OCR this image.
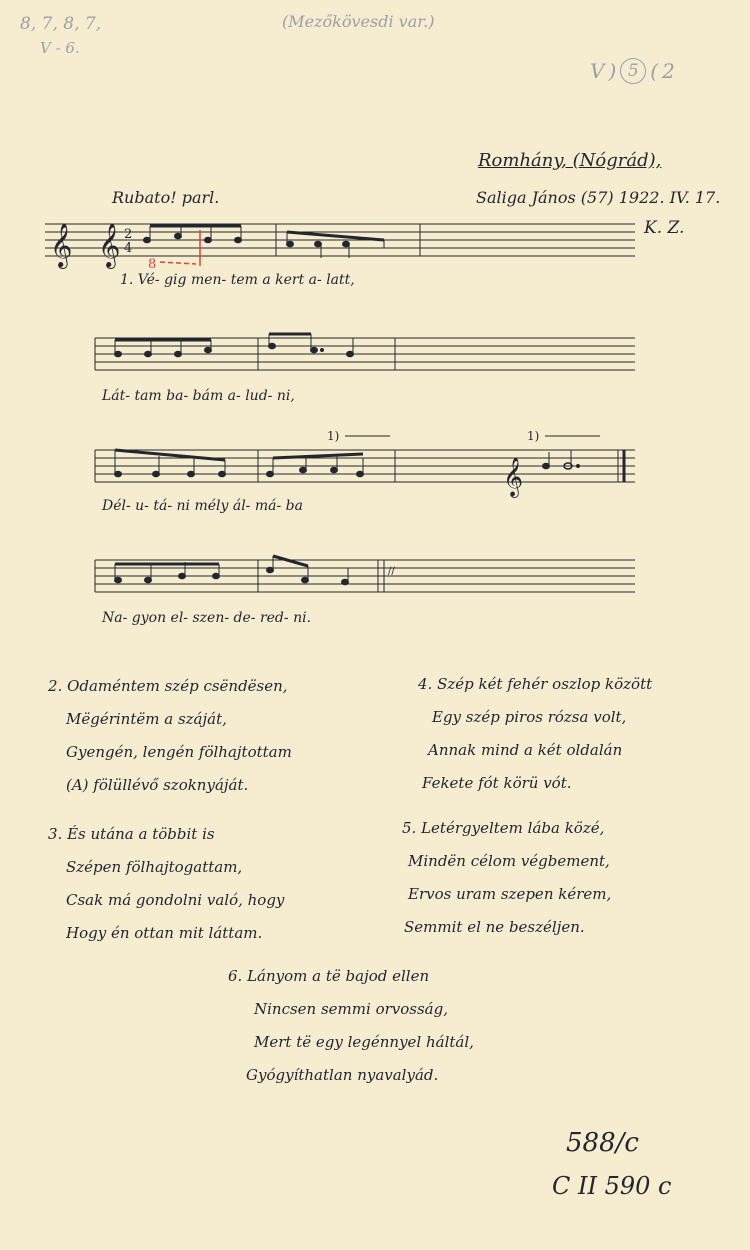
8, 7, 8, 7,
V - 6.
(Mezőkövesdi var.)
V ) 5 ( 2
Romhány, (Nógrád),
Saliga János (57) 1922. IV. 17.
Rubato! parl.
K. Z.
𝄞 𝄞 2
4
8
1)	1)
𝄞
//
1. Vé- gig men- tem a kert a- latt,
Lát- tam ba- bám a- lud- ni,
Dél- u- tá- ni mély ál- má- ba
Na- gyon el- szen- de- red- ni.
2. Odaméntem szép csëndësen,
Mëgérintëm a száját,
Gyengén, lengén fölhajtottam
(A) fölüllévő szoknyáját.
3. És utána a többit is
Szépen fölhajtogattam,
Csak má gondolni való, hogy
Hogy én ottan mit láttam.
4. Szép két fehér oszlop között
Egy szép piros rózsa volt,
Annak mind a két oldalán
Fekete fót körü vót.
5. Letérgyeltem lába közé,
Mindën célom végbement,
Ervos uram szepen kérem,
Semmit el ne beszéljen.
6. Lányom a të bajod ellen
Nincsen semmi orvosság,
Mert të egy legénnyel háltál,
Gyógyíthatlan nyavalyád.
588/c
C II 590 c
